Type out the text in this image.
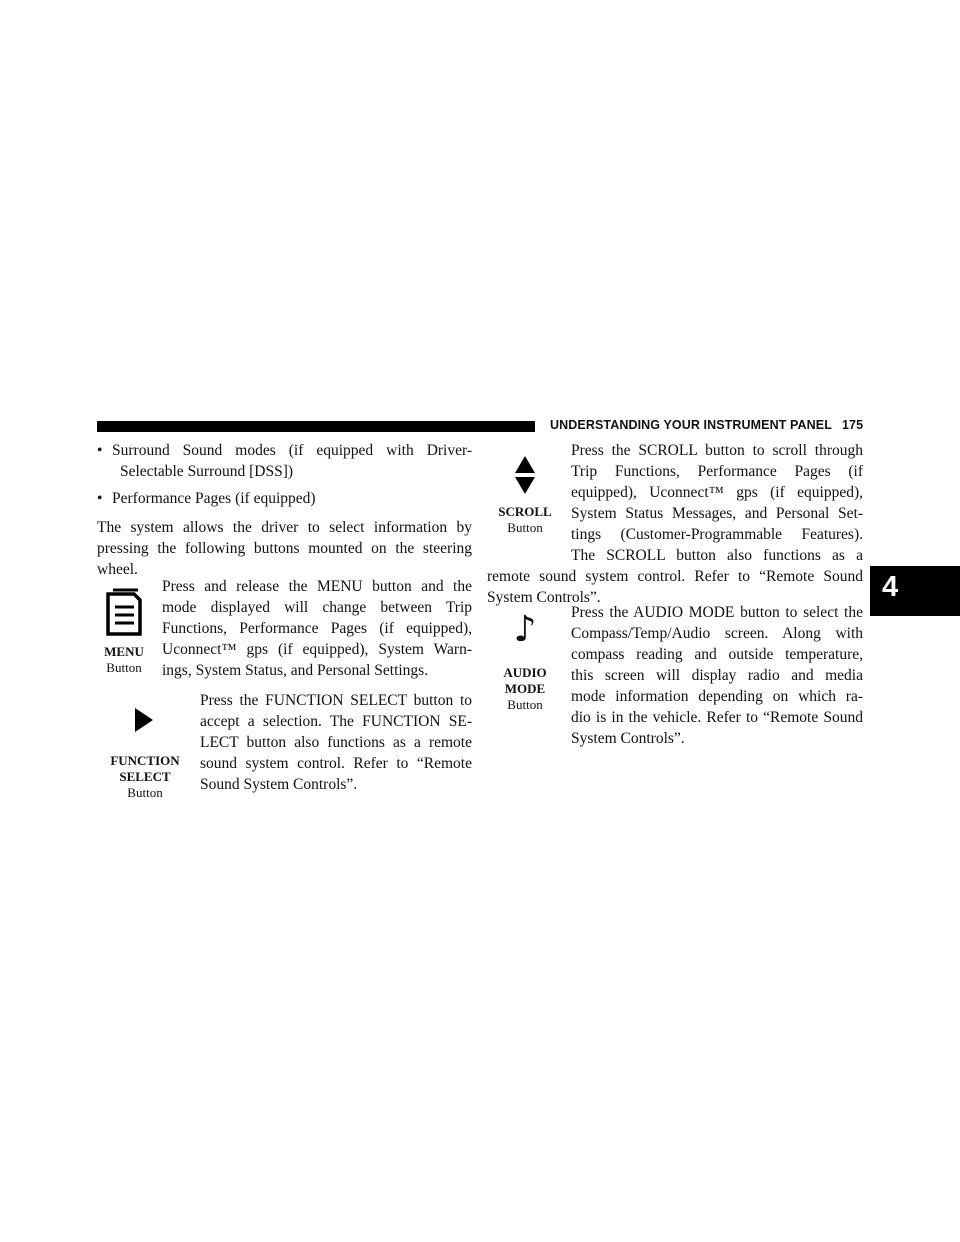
UNDERSTANDING YOUR INSTRUMENT PANEL 175
4
• Surround Sound modes (if equipped with Driver-
Selectable Surround [DSS])
• Performance Pages (if equipped)
The system allows the driver to select information by
pressing the following buttons mounted on the steering
wheel.
MENU
Button
Press and release the MENU button and the
mode displayed will change between Trip
Functions, Performance Pages (if equipped),
Uconnect™ gps (if equipped), System Warn-
ings, System Status, and Personal Settings.
FUNCTION
SELECT
Button
Press the FUNCTION SELECT button to
accept a selection. The FUNCTION SE-
LECT button also functions as a remote
sound system control. Refer to “Remote
Sound System Controls”.
SCROLL
Button
Press the SCROLL button to scroll through
Trip Functions, Performance Pages (if
equipped), Uconnect™ gps (if equipped),
System Status Messages, and Personal Set-
tings (Customer-Programmable Features).
The SCROLL button also functions as a
remote sound system control. Refer to “Remote Sound
System Controls”.
♪
AUDIO
MODE
Button
Press the AUDIO MODE button to select the
Compass/Temp/Audio screen. Along with
compass reading and outside temperature,
this screen will display radio and media
mode information depending on which ra-
dio is in the vehicle. Refer to “Remote Sound
System Controls”.
